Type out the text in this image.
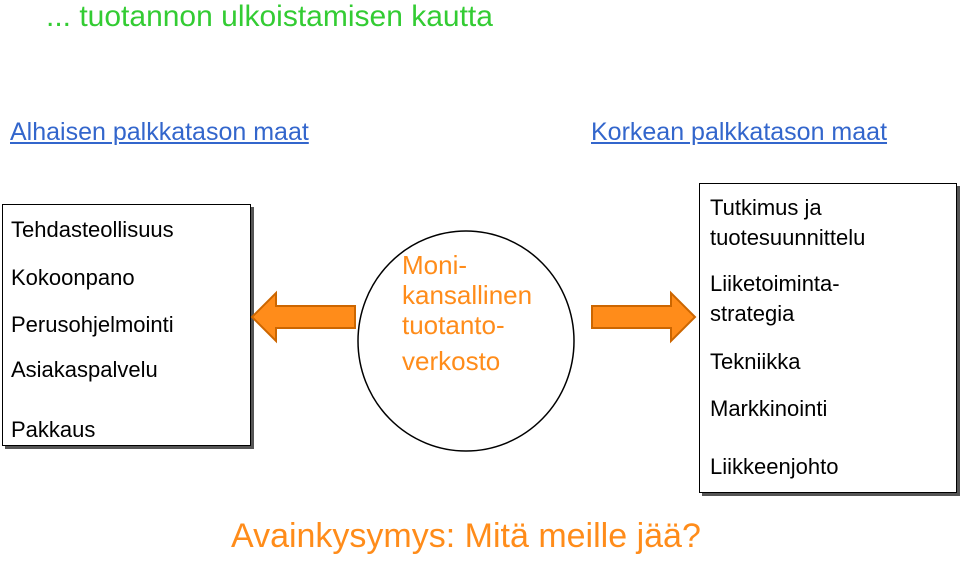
... tuotannon ulkoistamisen kautta
Alhaisen palkkatason maat	Korkean palkkatason maat
Tehdasteollisuus
Kokoonpano
Perusohjelmointi
Asiakaspalvelu
Pakkaus
Tutkimus ja tuotesuunnittelu
Liiketoiminta-strategia
Tekniikka
Markkinointi
Liikkeenjohto
Moni-
kansallinen
tuotanto-
verkosto
Avainkysymys: Mitä meille jää?
